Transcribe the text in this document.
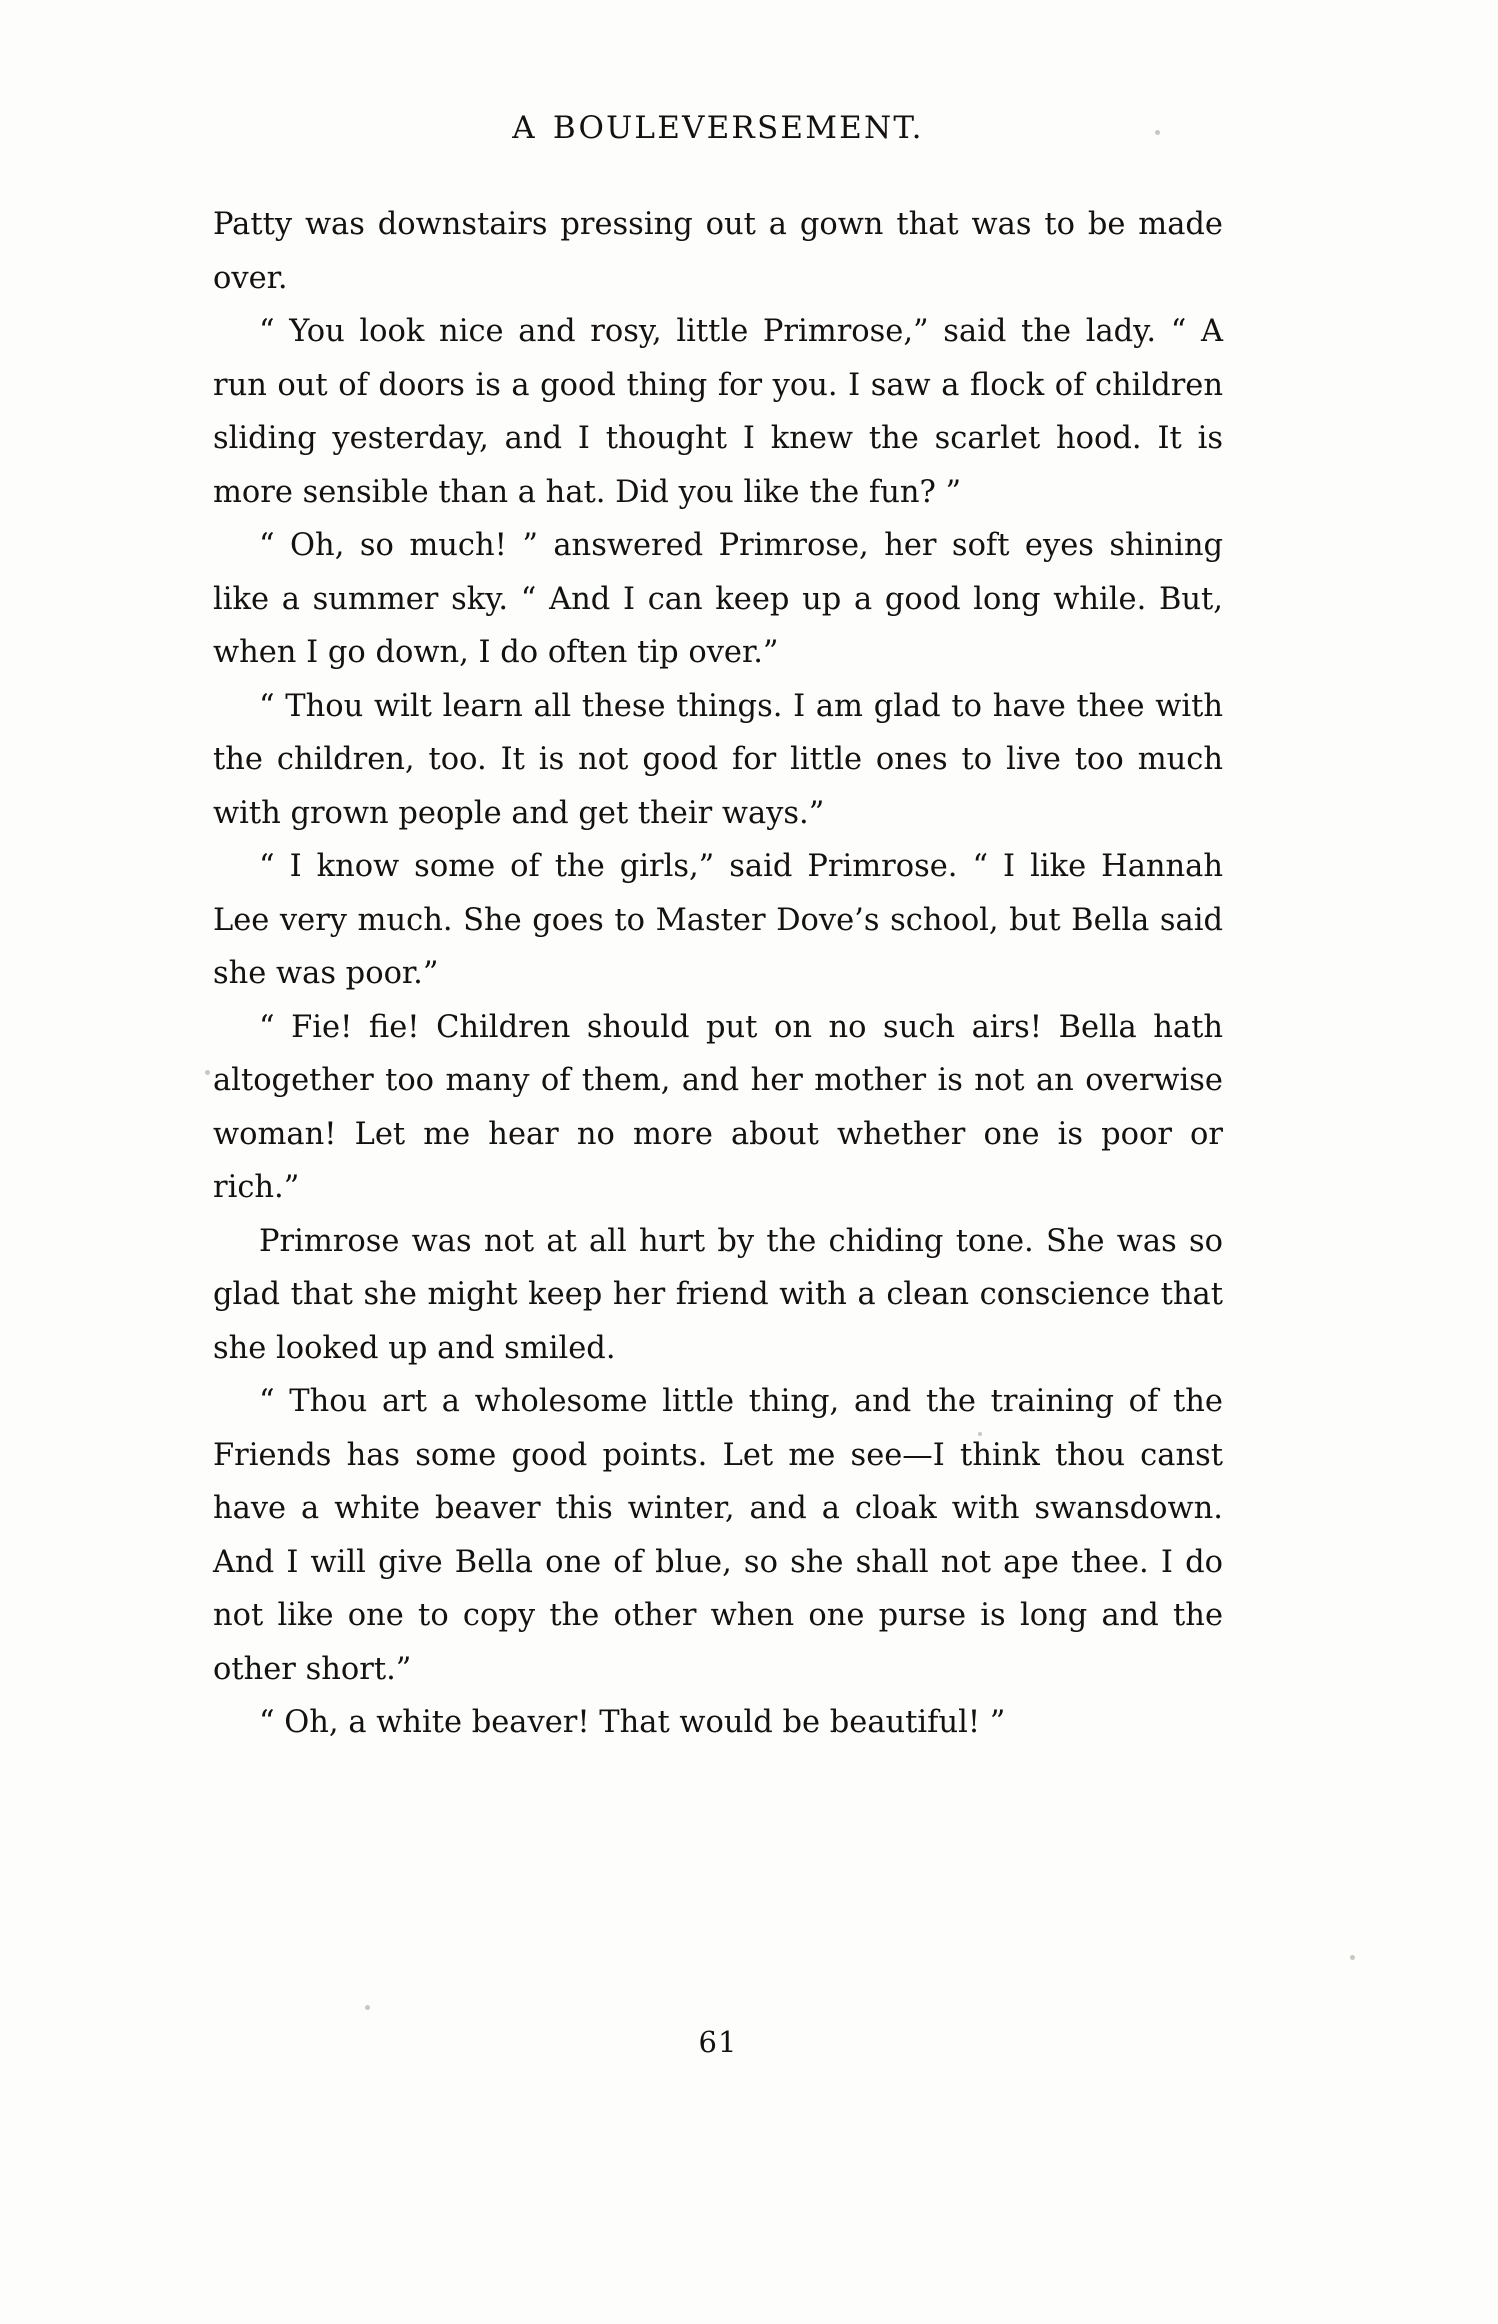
A BOULEVERSEMENT.

Patty was downstairs pressing out a gown that was to be made over.

“ You look nice and rosy, little Primrose,” said the lady. “ A run out of doors is a good thing for you. I saw a flock of children sliding yesterday, and I thought I knew the scarlet hood. It is more sensible than a hat. Did you like the fun? ”

“ Oh, so much! ” answered Primrose, her soft eyes shining like a summer sky. “ And I can keep up a good long while. But, when I go down, I do often tip over.”

“ Thou wilt learn all these things. I am glad to have thee with the children, too. It is not good for little ones to live too much with grown people and get their ways.”

“ I know some of the girls,” said Primrose. “ I like Hannah Lee very much. She goes to Master Dove’s school, but Bella said she was poor.”

“ Fie! fie! Children should put on no such airs! Bella hath altogether too many of them, and her mother is not an overwise woman! Let me hear no more about whether one is poor or rich.”

Primrose was not at all hurt by the chiding tone. She was so glad that she might keep her friend with a clean conscience that she looked up and smiled.

“ Thou art a wholesome little thing, and the training of the Friends has some good points. Let me see—I think thou canst have a white beaver this winter, and a cloak with swansdown. And I will give Bella one of blue, so she shall not ape thee. I do not like one to copy the other when one purse is long and the other short.”

“ Oh, a white beaver! That would be beautiful! ”

61
